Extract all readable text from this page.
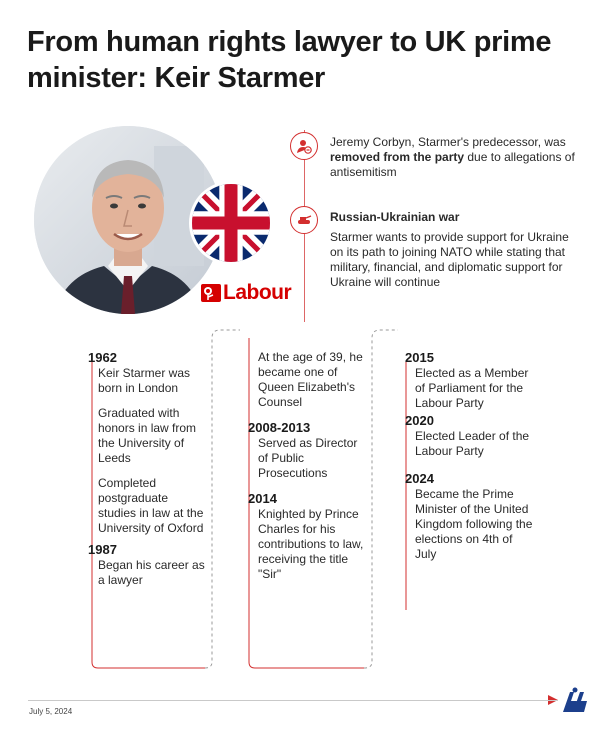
From human rights lawyer to UK prime minister: Keir Starmer
Labour
Jeremy Corbyn, Starmer's predecessor, was removed from the party due to allegations of antisemitism
Russian-Ukrainian war
Starmer wants to provide support for Ukraine on its path to joining NATO while stating that military, financial, and diplomatic support for Ukraine will continue
1962
Keir Starmer was born in London
Graduated with honors in law from the University of Leeds
Completed postgraduate studies in law at the University of Oxford
1987
Began his career as a lawyer
At the age of 39, he became one of Queen Elizabeth's Counsel
2008-2013
Served as Director of Public Prosecutions
2014
Knighted by Prince Charles for his contributions to law, receiving the title "Sir"
2015
Elected as a Member of Parliament for the Labour Party
2020
Elected Leader of the Labour Party
2024
Became the Prime Minister of the United Kingdom following the elections on 4th of July
July 5, 2024
